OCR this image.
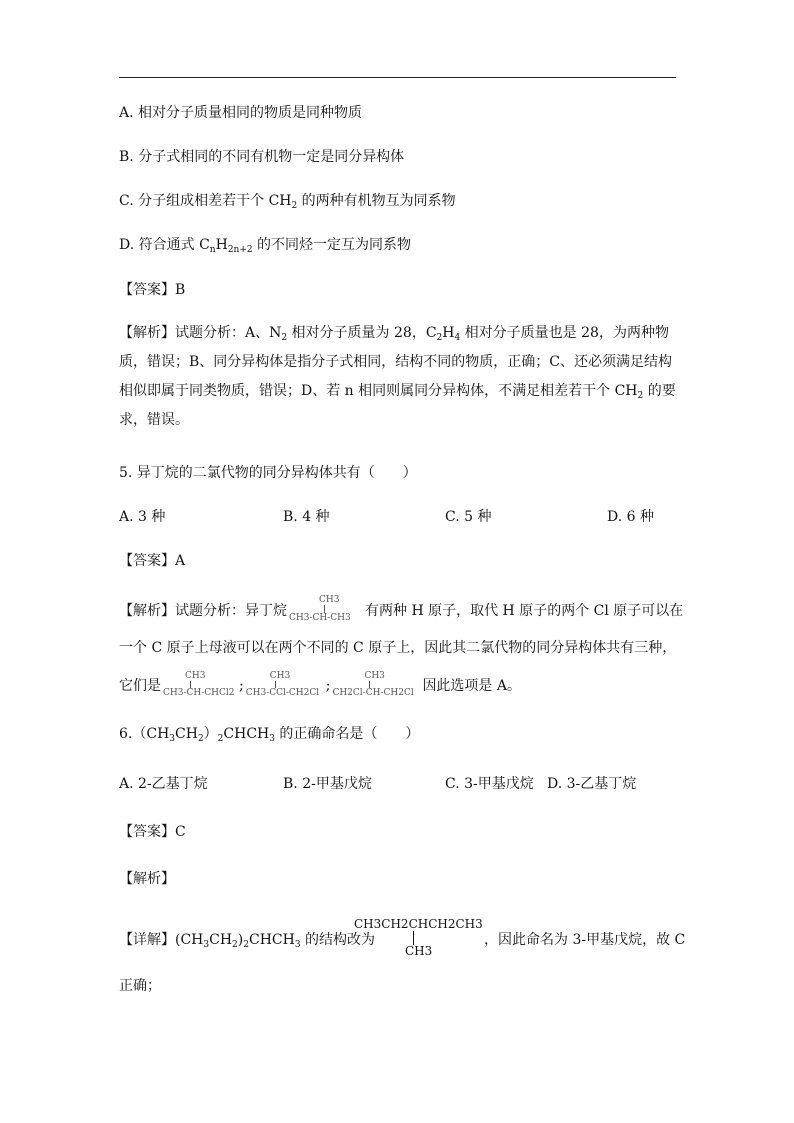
A. 相对分子质量相同的物质是同种物质
B. 分子式相同的不同有机物一定是同分异构体
C. 分子组成相差若干个 $CH_2$ 的两种有机物互为同系物
D. 符合通式 $C_nH_{2n+2}$ 的不同烃一定互为同系物
【答案】B
【解析】试题分析：A、$N_2$ 相对分子质量为 28，$C_2H_4$ 相对分子质量也是 28，为两种物质，错误；B、同分异构体是指分子式相同，结构不同的物质，正确；C、还必须满足结构相似即属于同类物质，错误；D、若 n 相同则属同分异构体，不满足相差若干个 $CH_2$ 的要求，错误。
5. 异丁烷的二氯代物的同分异构体共有（　　）
A. 3 种	B. 4 种	C. 5 种	D. 6 种
【答案】A
【解析】试题分析：异丁烷
CH3
CH3-CH-CH3 有两种 H 原子，取代 H 原子的两个 Cl 原子可以在
一个 C 原子上母液可以在两个不同的 C 原子上，因此其二氯代物的同分异构体共有三种，
它们是
CH3
CH3-CH-CHCl2 ;
CH3
CH3-CCl-CH2Cl ;
CH3
CH2Cl-CH-CH2Cl 因此选项是 A。
$6.(CH_3CH_2)_2CHCH_3$ 的正确命名是（　　）
A. 2-乙基丁烷	B. 2-甲基戊烷	C. 3-甲基戊烷 D. 3-乙基丁烷
【答案】C
【解析】
【详解】$(CH_3CH_2)_2CHCH_3$ 的结构改为
CH3CH2CHCH2CH3
CH3
，因此命名为 3-甲基戊烷，故 C
正确；
